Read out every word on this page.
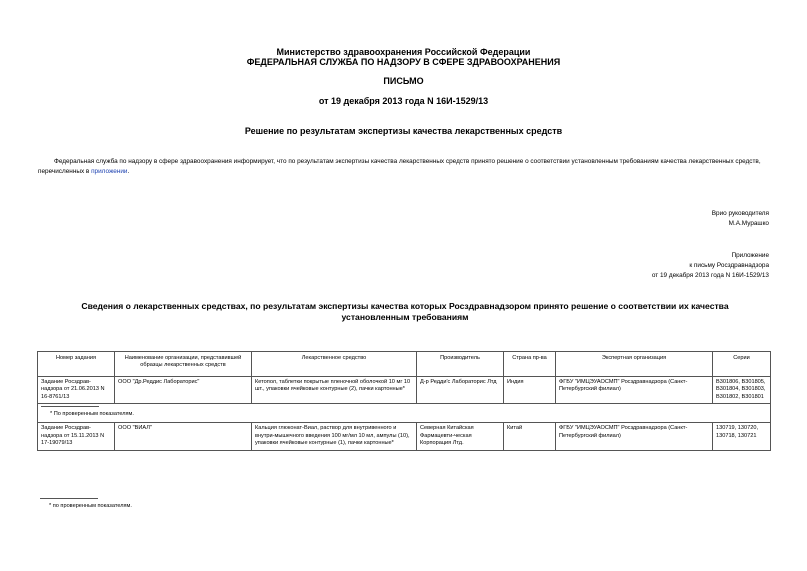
Министерство здравоохранения Российской Федерации
ФЕДЕРАЛЬНАЯ СЛУЖБА ПО НАДЗОРУ В СФЕРЕ ЗДРАВООХРАНЕНИЯ
ПИСЬМО
от 19 декабря 2013 года N 16И-1529/13
Решение по результатам экспертизы качества лекарственных средств
Федеральная служба по надзору в сфере здравоохранения информирует, что по результатам экспертизы качества лекарственных средств принято решение о соответствии установленным требованиям качества лекарственных средств, перечисленных в приложении.
Врио руководителя
М.А.Мурашко
Приложение
к письму Росздравнадзора
от 19 декабря 2013 года N 16И-1529/13
Сведения о лекарственных средствах, по результатам экспертизы качества которых Росздравнадзором принято решение о соответствии их качества установленным требованиям
Номер задания	Наименование организации, представившей образцы лекарственных средств	Лекарственное средство	Производитель	Страна пр-ва	Экспертная организация	Серии
Задание Росздрав-надзора от 21.06.2013 N 16-8761/13	ООО "Др.Реддис Лабораторис"	Кетопол, таблетки покрытые пленочной оболочкой 10 мг 10 шт., упаковки ячейковые контурные (2), пачки картонные*	Д-р Редди'с Лабораторис Лтд	Индия	ФГБУ "ИМЦЭУАОСМП" Росздравнадзора (Санкт-Петербургский филиал)	B301806, B301805, B301804, B301803, B301802, B301801

* По проверенным показателям.						
Задание Росздрав-надзора от 15.11.2013 N 17-19079/13	ООО "ВИАЛ"	Кальция глюконат-Виал, раствор для внутривенного и внутри-мышечного введения 100 мг/мл 10 мл, ампулы (10), упаковки ячейковые контурные (1), пачки картонные*	Северная Китайская Фармацевти-ческая Корпорация Лтд.	Китай	ФГБУ "ИМЦЭУАОСМП" Росздравнадзора (Санкт-Петербургский филиал)	130719, 130720, 130718, 130721
* по проверенным показателям.
